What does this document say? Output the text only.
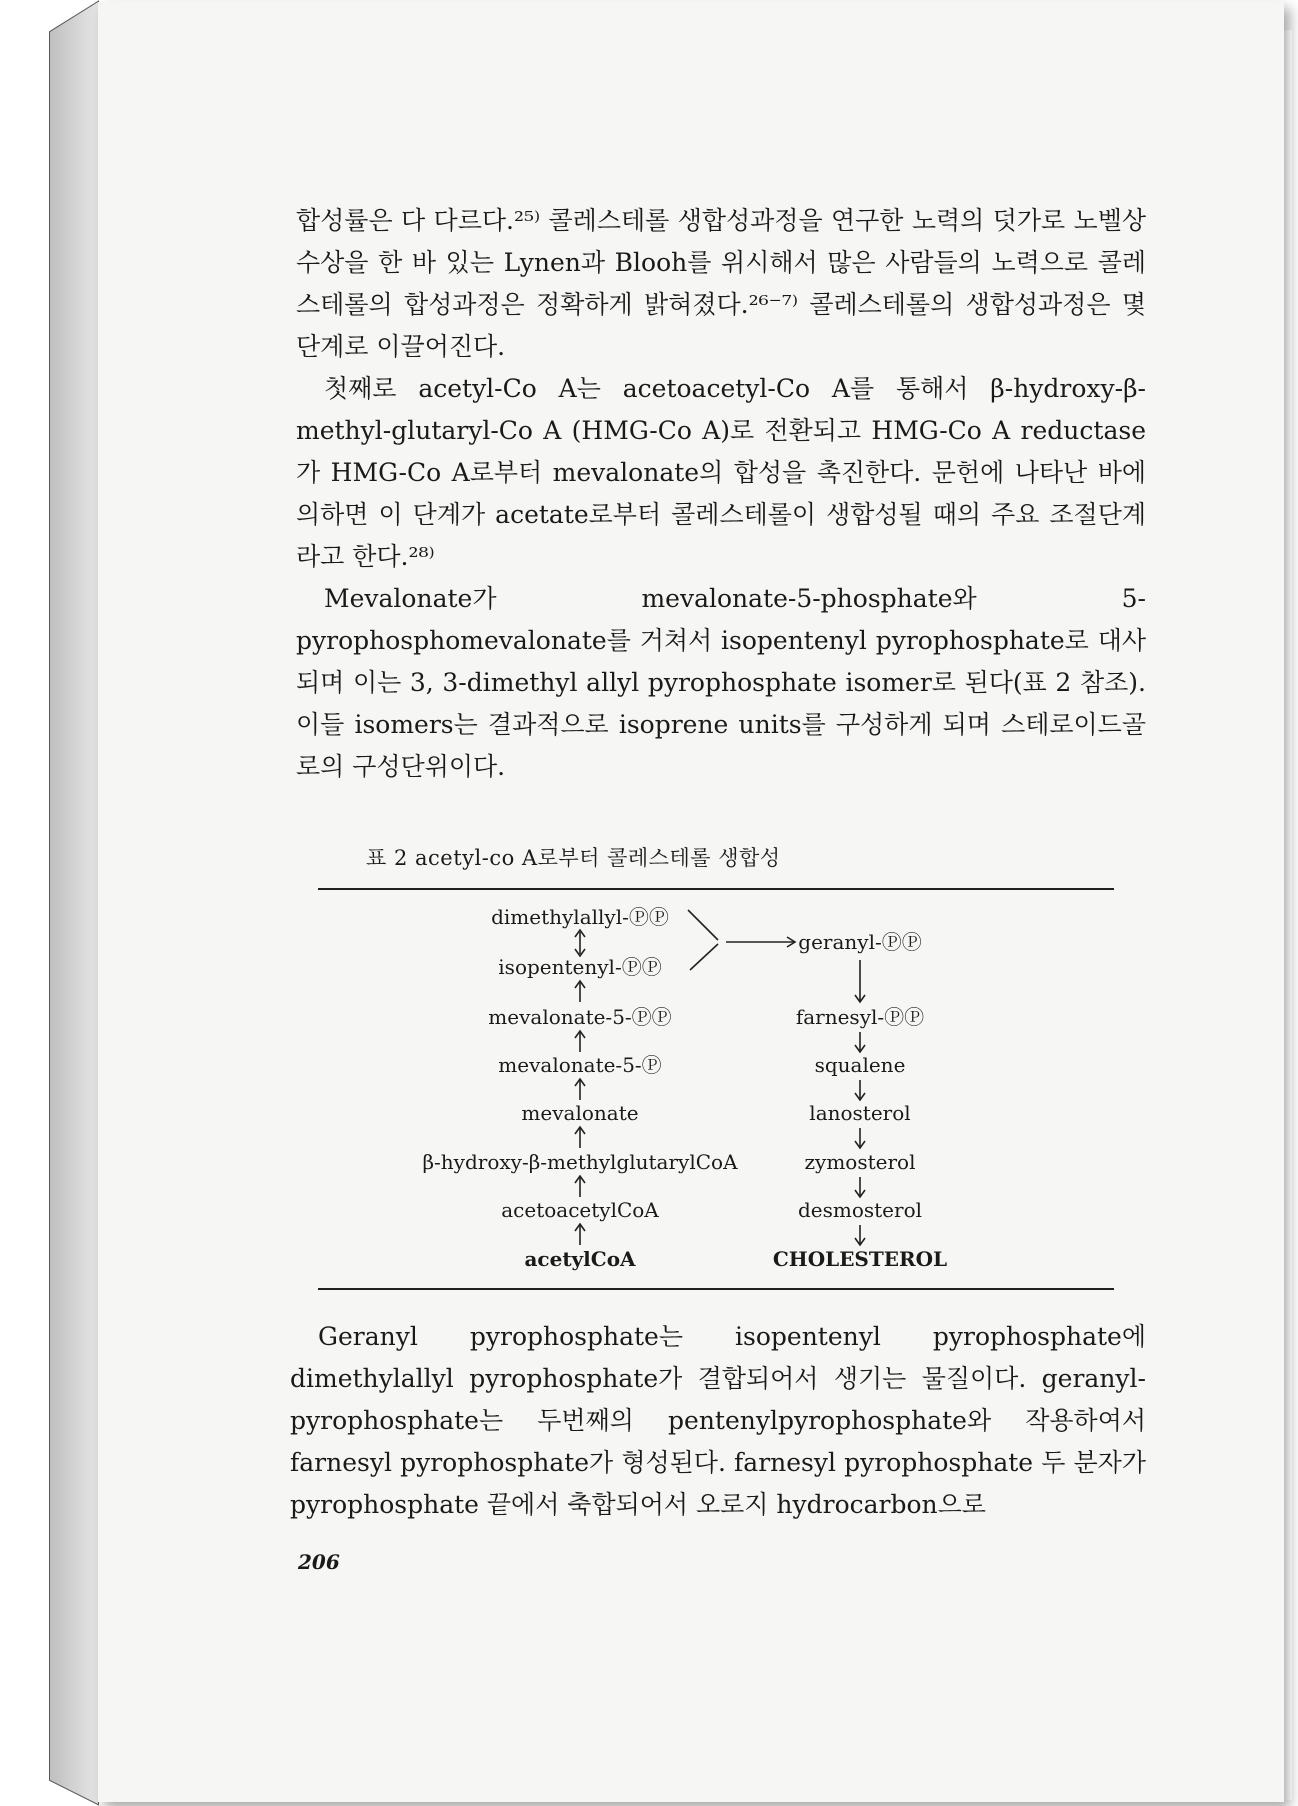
합성률은 다 다르다.²⁵⁾ 콜레스테롤 생합성과정을 연구한 노력의 덧가로 노벨상 수상을 한 바 있는 Lynen과 Blooh를 위시해서 많은 사람들의 노력으로 콜레스테롤의 합성과정은 정확하게 밝혀졌다.²⁶⁻⁷⁾ 콜레스테롤의 생합성과정은 몇 단계로 이끌어진다.

첫째로 acetyl-Co A는 acetoacetyl-Co A를 통해서 β-hydroxy-β-methyl-glutaryl-Co A (HMG-Co A)로 전환되고 HMG-Co A reductase가 HMG-Co A로부터 mevalonate의 합성을 촉진한다. 문헌에 나타난 바에 의하면 이 단계가 acetate로부터 콜레스테롤이 생합성될 때의 주요 조절단계라고 한다.²⁸⁾

Mevalonate가 mevalonate-5-phosphate와 5-pyrophosphomevalonate를 거쳐서 isopentenyl pyrophosphate로 대사되며 이는 3, 3-dimethyl allyl pyrophosphate isomer로 된다(표 2 참조). 이들 isomers는 결과적으로 isoprene units를 구성하게 되며 스테로이드골로의 구성단위이다.

표 2 acetyl-co A로부터 콜레스테롤 생합성
dimethylallyl-ⓅⓅ
isopentenyl-ⓅⓅ
mevalonate-5-ⓅⓅ
mevalonate-5-Ⓟ
mevalonate
β-hydroxy-β-methylglutarylCoA
acetoacetylCoA
acetylCoA
geranyl-ⓅⓅ
farnesyl-ⓅⓅ
squalene
lanosterol
zymosterol
desmosterol
CHOLESTEROL

Geranyl pyrophosphate는 isopentenyl pyrophosphate에 dimethylallyl pyrophosphate가 결합되어서 생기는 물질이다. geranyl-pyrophosphate는 두번째의 pentenylpyrophosphate와 작용하여서 farnesyl pyrophosphate가 형성된다. farnesyl pyrophosphate 두 분자가 pyrophosphate 끝에서 축합되어서 오로지 hydrocarbon으로

206
